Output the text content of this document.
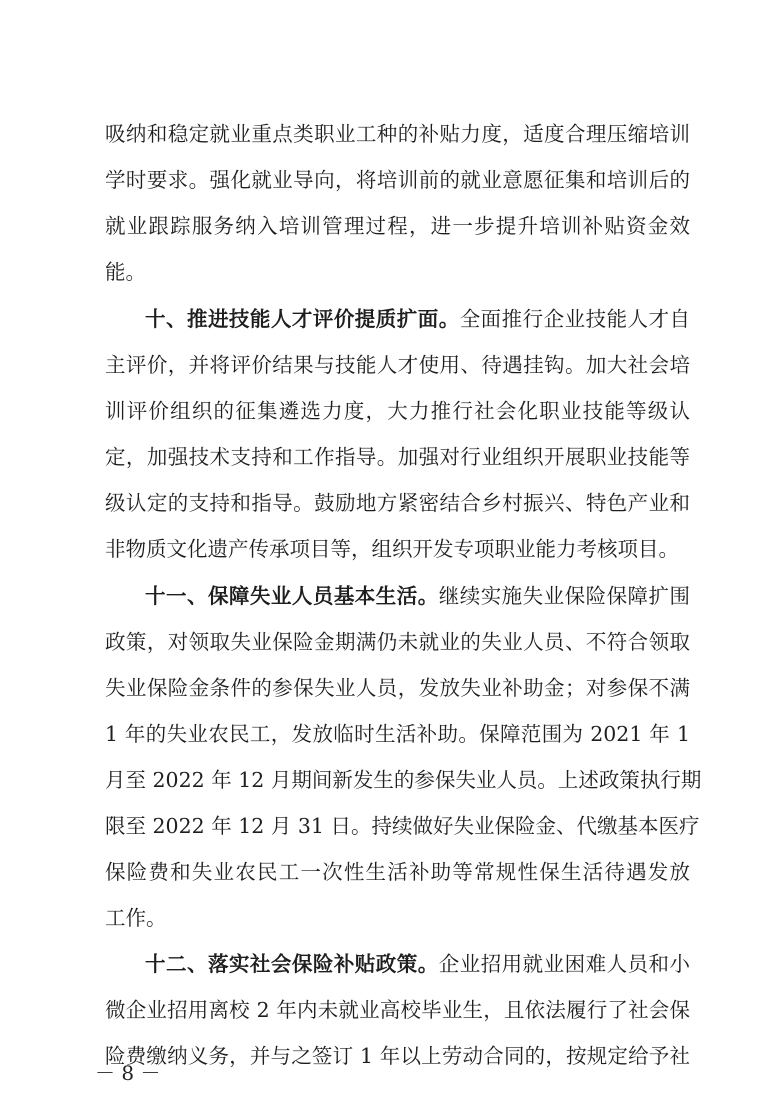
吸纳和稳定就业重点类职业工种的补贴力度，适度合理压缩培训
学时要求。强化就业导向，将培训前的就业意愿征集和培训后的
就业跟踪服务纳入培训管理过程，进一步提升培训补贴资金效
能。
十、推进技能人才评价提质扩面。全面推行企业技能人才自
主评价，并将评价结果与技能人才使用、待遇挂钩。加大社会培
训评价组织的征集遴选力度，大力推行社会化职业技能等级认
定，加强技术支持和工作指导。加强对行业组织开展职业技能等
级认定的支持和指导。鼓励地方紧密结合乡村振兴、特色产业和
非物质文化遗产传承项目等，组织开发专项职业能力考核项目。
十一、保障失业人员基本生活。继续实施失业保险保障扩围
政策，对领取失业保险金期满仍未就业的失业人员、不符合领取
失业保险金条件的参保失业人员，发放失业补助金；对参保不满
1 年的失业农民工，发放临时生活补助。保障范围为 2021 年 1
月至 2022 年 12 月期间新发生的参保失业人员。上述政策执行期
限至 2022 年 12 月 31 日。持续做好失业保险金、代缴基本医疗
保险费和失业农民工一次性生活补助等常规性保生活待遇发放
工作。
十二、落实社会保险补贴政策。企业招用就业困难人员和小
微企业招用离校 2 年内未就业高校毕业生，且依法履行了社会保
险费缴纳义务，并与之签订 1 年以上劳动合同的，按规定给予社
－ 8 －
